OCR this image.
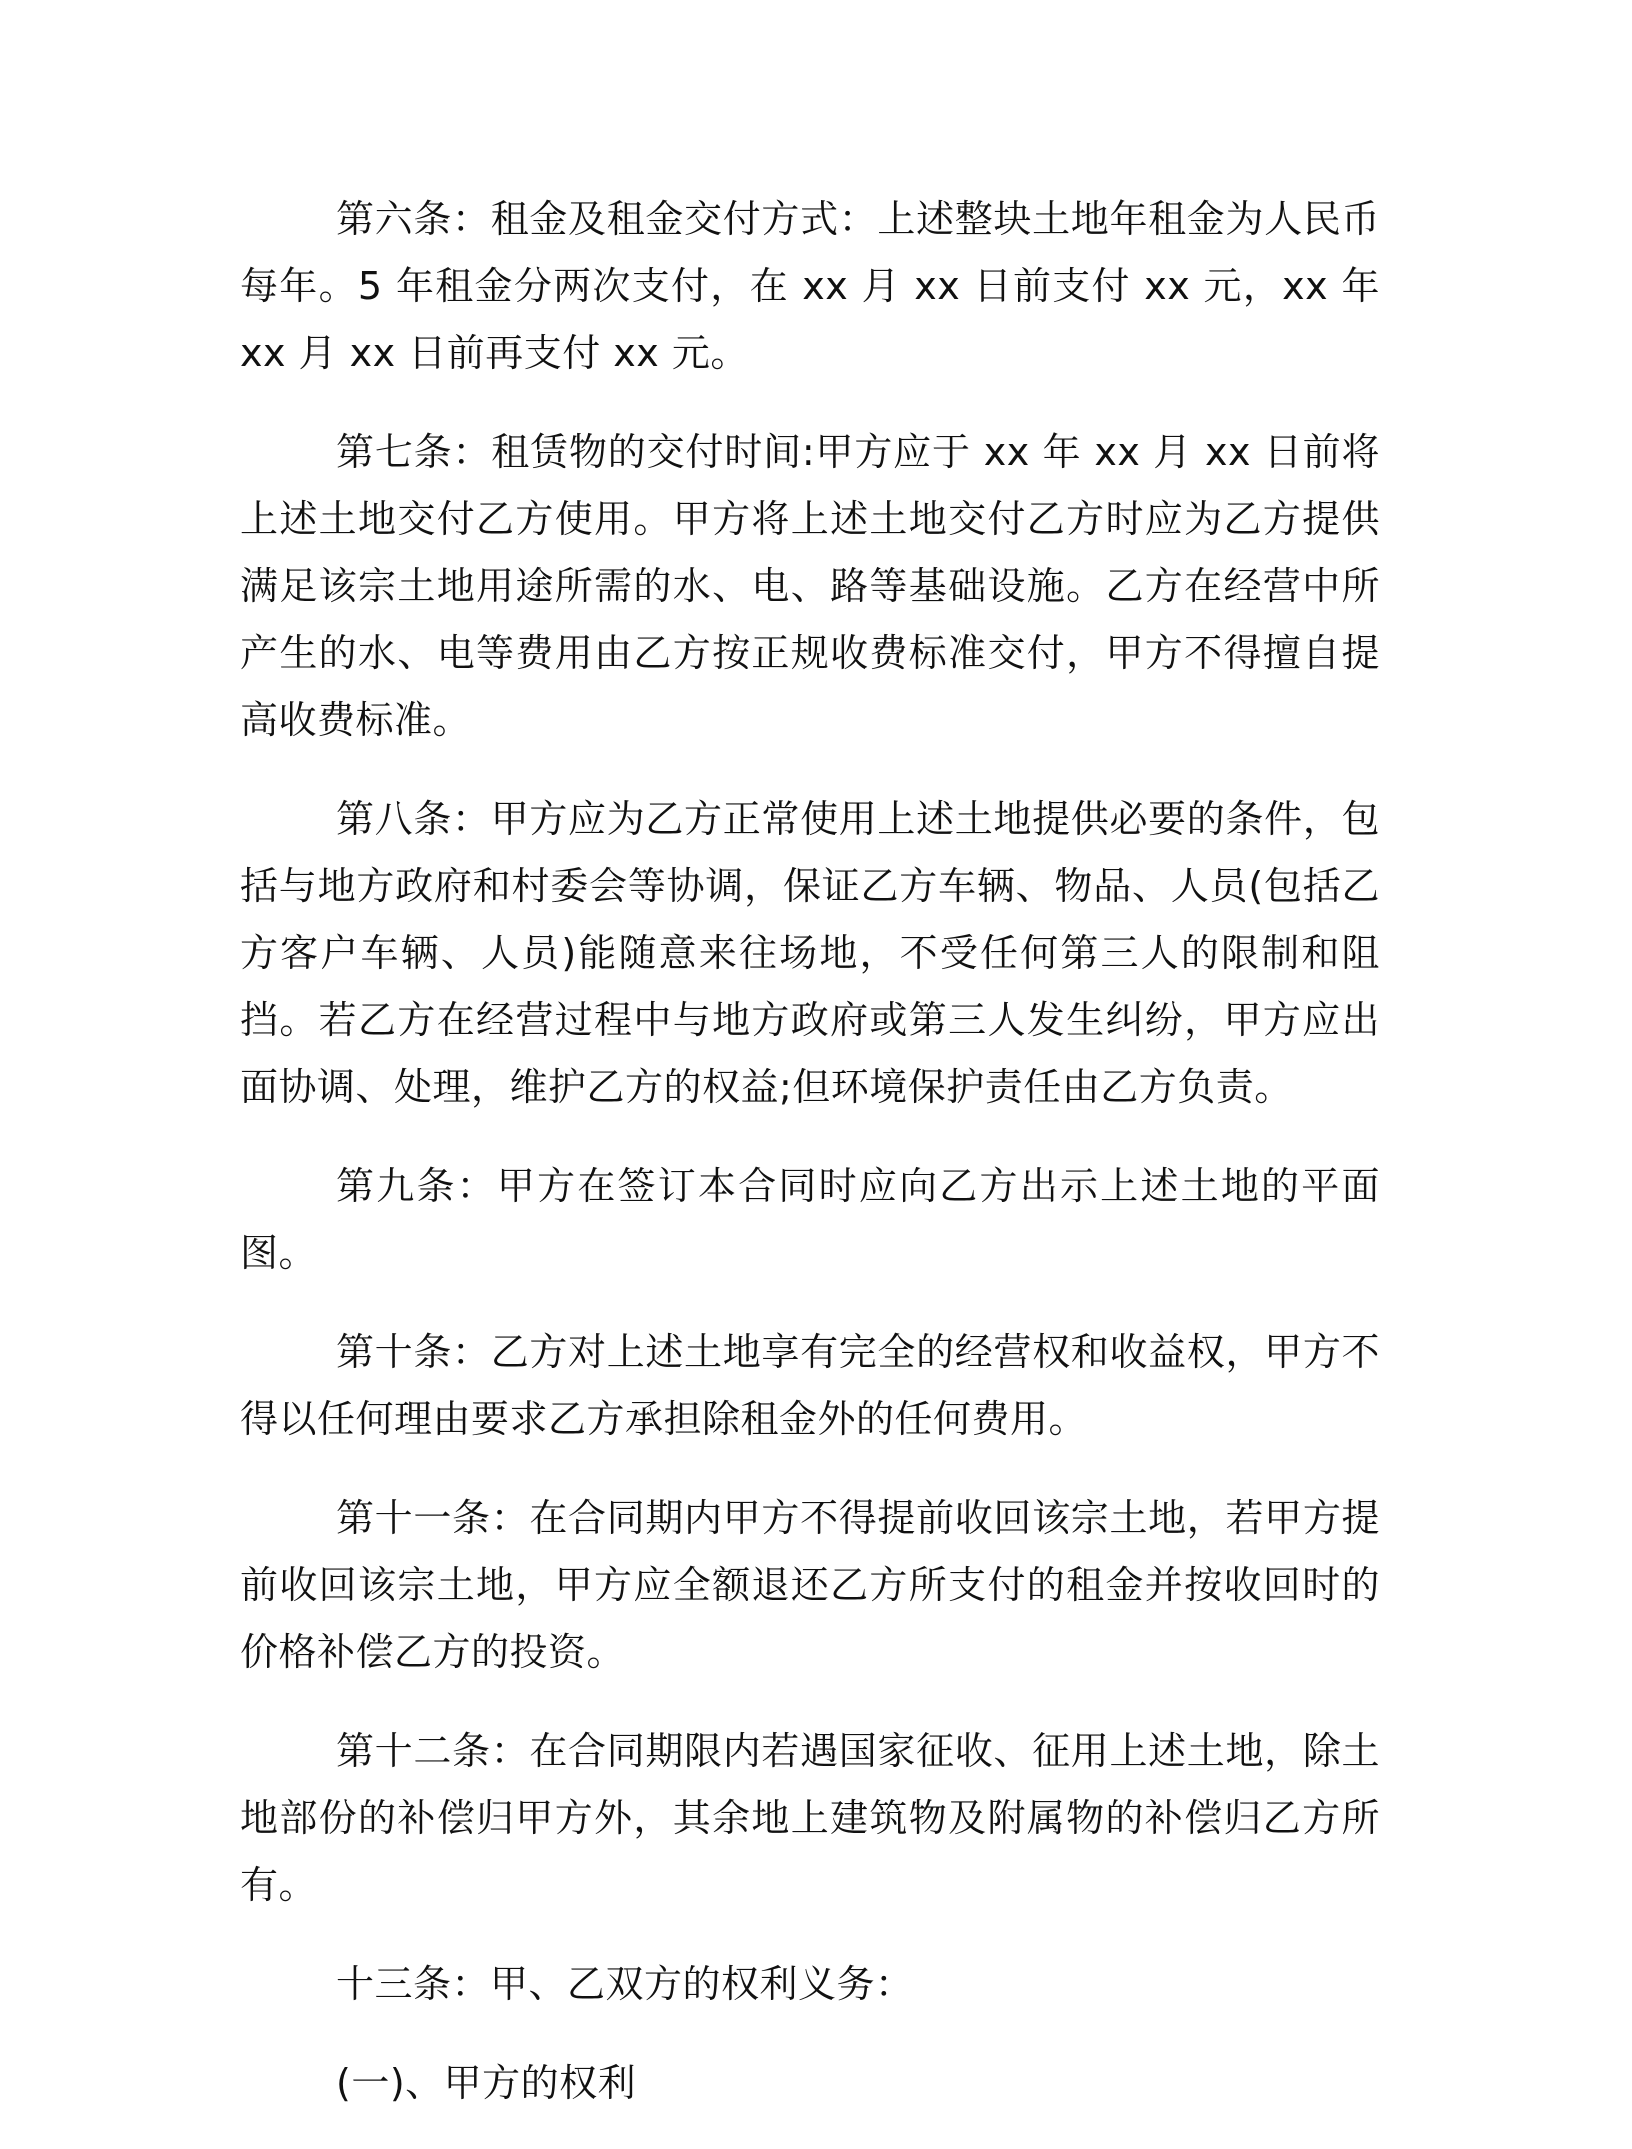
第六条：租金及租金交付方式：上述整块土地年租金为人民币 每年。5 年租金分两次支付，在 xx 月 xx 日前支付 xx 元，xx 年 xx 月 xx 日前再支付 xx 元。

第七条：租赁物的交付时间:甲方应于 xx 年 xx 月 xx 日前将上述土地交付乙方使用。甲方将上述土地交付乙方时应为乙方提供满足该宗土地用途所需的水、电、路等基础设施。乙方在经营中所产生的水、电等费用由乙方按正规收费标准交付，甲方不得擅自提高收费标准。

第八条：甲方应为乙方正常使用上述土地提供必要的条件，包括与地方政府和村委会等协调，保证乙方车辆、物品、人员(包括乙方客户车辆、人员)能随意来往场地，不受任何第三人的限制和阻挡。若乙方在经营过程中与地方政府或第三人发生纠纷，甲方应出面协调、处理，维护乙方的权益;但环境保护责任由乙方负责。

第九条：甲方在签订本合同时应向乙方出示上述土地的平面图。

第十条：乙方对上述土地享有完全的经营权和收益权，甲方不得以任何理由要求乙方承担除租金外的任何费用。

第十一条：在合同期内甲方不得提前收回该宗土地，若甲方提前收回该宗土地，甲方应全额退还乙方所支付的租金并按收回时的价格补偿乙方的投资。

第十二条：在合同期限内若遇国家征收、征用上述土地，除土地部份的补偿归甲方外，其余地上建筑物及附属物的补偿归乙方所有。

十三条：甲、乙双方的权利义务：

(一)、甲方的权利
